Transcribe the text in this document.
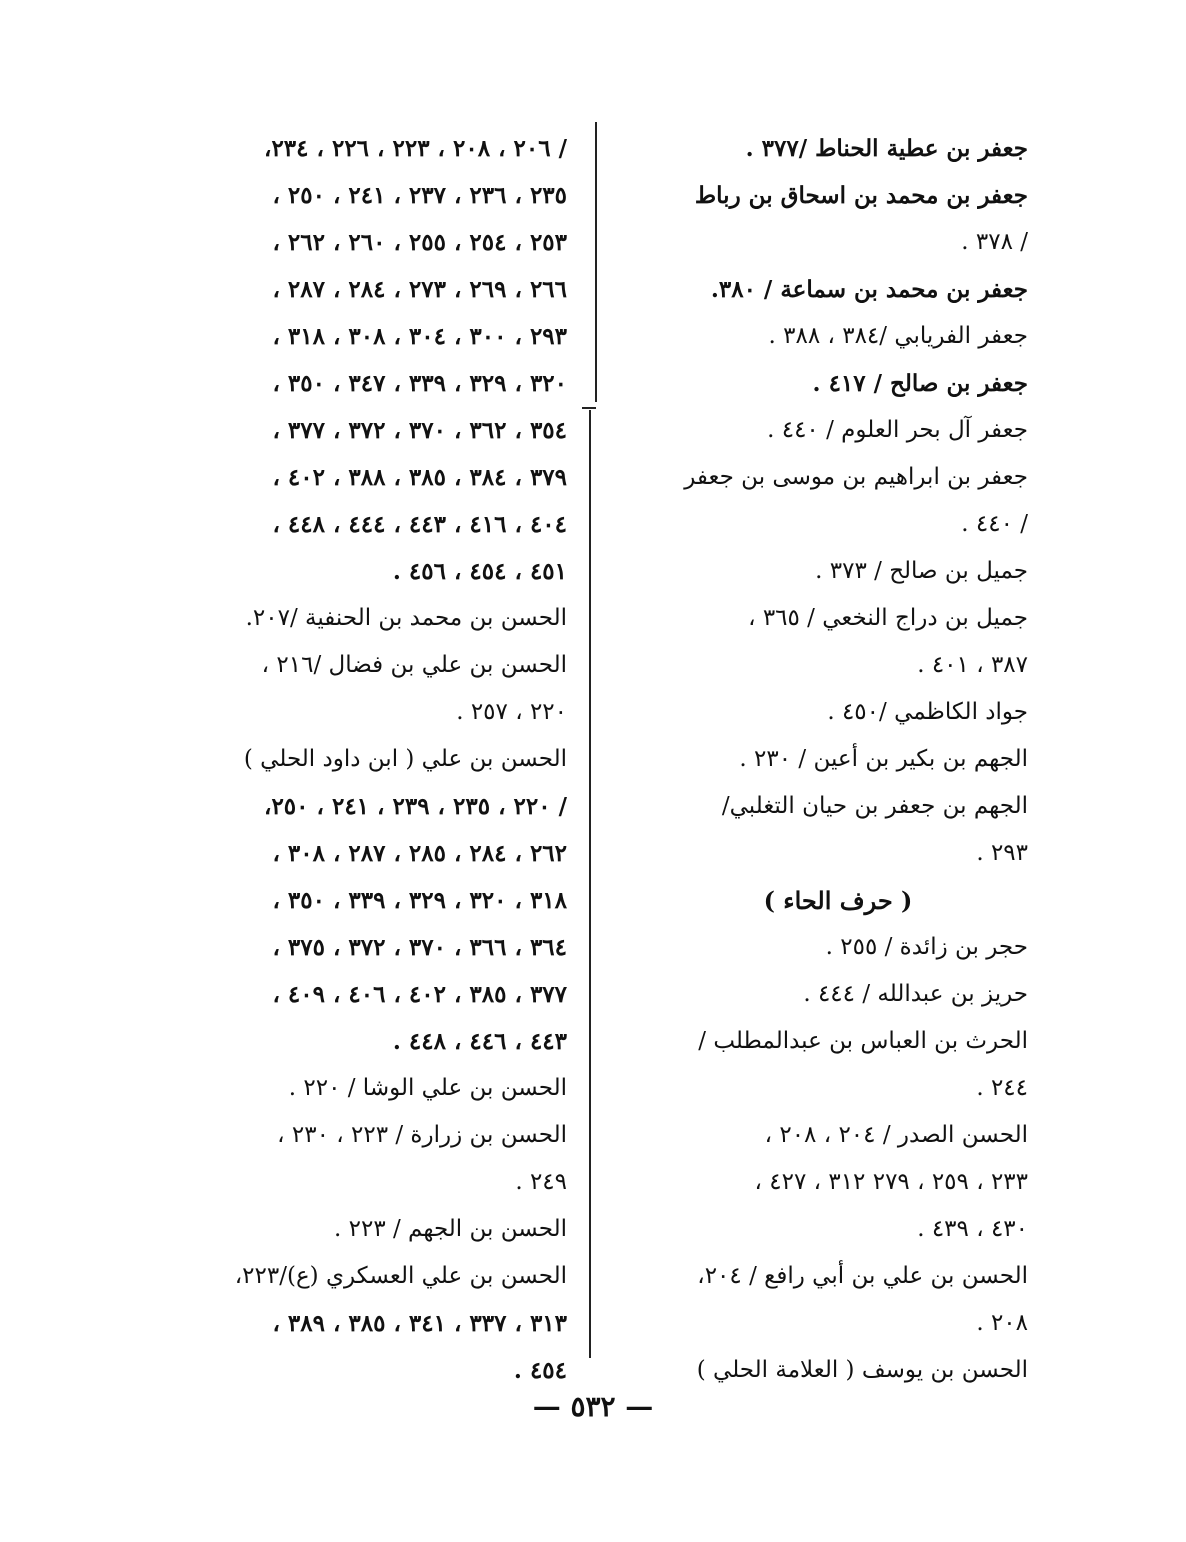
جعفر بن عطية الحناط /٣٧٧ .
جعفر بن محمد بن اسحاق بن رباط
/ ٣٧٨ .
جعفر بن محمد بن سماعة / ٣٨٠.
جعفر الفريابي /٣٨٤ ، ٣٨٨ .
جعفر بن صالح / ٤١٧ .
جعفر آل بحر العلوم / ٤٤٠ .
جعفر بن ابراهيم بن موسى بن جعفر
/ ٤٤٠ .
جميل بن صالح / ٣٧٣ .
جميل بن دراج النخعي / ٣٦٥ ،
٣٨٧ ، ٤٠١ .
جواد الكاظمي /٤٥٠ .
الجهم بن بكير بن أعين / ٢٣٠ .
الجهم بن جعفر بن حيان التغلبي/
٢٩٣ .
( حرف الحاء )
حجر بن زائدة / ٢٥٥ .
حريز بن عبدالله / ٤٤٤ .
الحرث بن العباس بن عبدالمطلب /
٢٤٤ .
الحسن الصدر / ٢٠٤ ، ٢٠٨ ،
٢٣٣ ، ٢٥٩ ، ٢٧٩ ٣١٢ ، ٤٢٧ ،
٤٣٠ ، ٤٣٩ .
الحسن بن علي بن أبي رافع / ٢٠٤،
٢٠٨ .
الحسن بن يوسف ( العلامة الحلي )
/ ٢٠٦ ، ٢٠٨ ، ٢٢٣ ، ٢٢٦ ، ٢٣٤،
٢٣٥ ، ٢٣٦ ، ٢٣٧ ، ٢٤١ ، ٢٥٠ ،
٢٥٣ ، ٢٥٤ ، ٢٥٥ ، ٢٦٠ ، ٢٦٢ ،
٢٦٦ ، ٢٦٩ ، ٢٧٣ ، ٢٨٤ ، ٢٨٧ ،
٢٩٣ ، ٣٠٠ ، ٣٠٤ ، ٣٠٨ ، ٣١٨ ،
٣٢٠ ، ٣٢٩ ، ٣٣٩ ، ٣٤٧ ، ٣٥٠ ،
٣٥٤ ، ٣٦٢ ، ٣٧٠ ، ٣٧٢ ، ٣٧٧ ،
٣٧٩ ، ٣٨٤ ، ٣٨٥ ، ٣٨٨ ، ٤٠٢ ،
٤٠٤ ، ٤١٦ ، ٤٤٣ ، ٤٤٤ ، ٤٤٨ ،
٤٥١ ، ٤٥٤ ، ٤٥٦ .
الحسن بن محمد بن الحنفية /٢٠٧.
الحسن بن علي بن فضال /٢١٦ ،
٢٢٠ ، ٢٥٧ .
الحسن بن علي ( ابن داود الحلي )
/ ٢٢٠ ، ٢٣٥ ، ٢٣٩ ، ٢٤١ ، ٢٥٠،
٢٦٢ ، ٢٨٤ ، ٢٨٥ ، ٢٨٧ ، ٣٠٨ ،
٣١٨ ، ٣٢٠ ، ٣٢٩ ، ٣٣٩ ، ٣٥٠ ،
٣٦٤ ، ٣٦٦ ، ٣٧٠ ، ٣٧٢ ، ٣٧٥ ،
٣٧٧ ، ٣٨٥ ، ٤٠٢ ، ٤٠٦ ، ٤٠٩ ،
٤٤٣ ، ٤٤٦ ، ٤٤٨ .
الحسن بن علي الوشا / ٢٢٠ .
الحسن بن زرارة / ٢٢٣ ، ٢٣٠ ،
٢٤٩ .
الحسن بن الجهم / ٢٢٣ .
الحسن بن علي العسكري (ع)/٢٢٣،
٣١٣ ، ٣٣٧ ، ٣٤١ ، ٣٨٥ ، ٣٨٩ ،
٤٥٤ .
— ٥٣٢ —
